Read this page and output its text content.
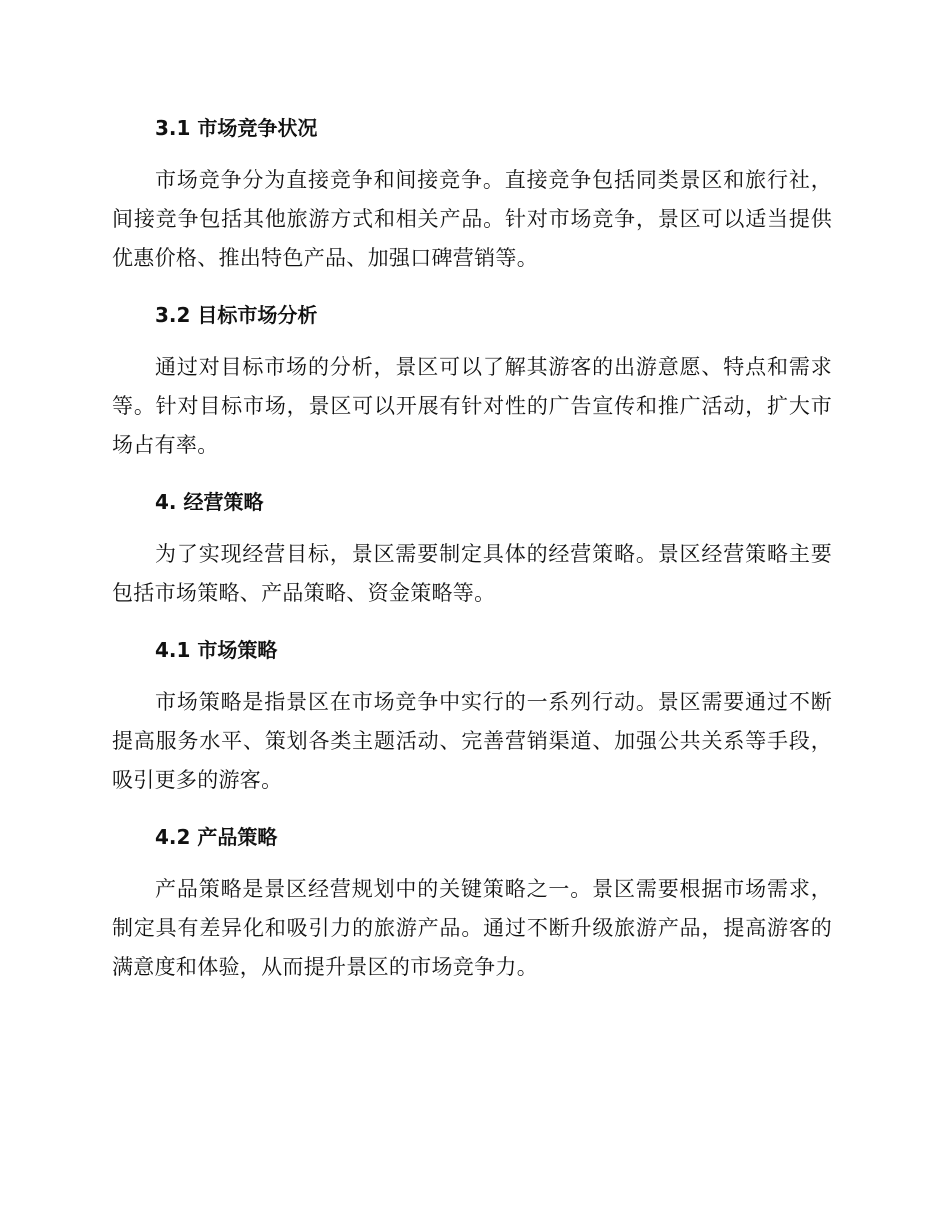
3.1 市场竞争状况

市场竞争分为直接竞争和间接竞争。直接竞争包括同类景区和旅行社，间接竞争包括其他旅游方式和相关产品。针对市场竞争，景区可以适当提供优惠价格、推出特色产品、加强口碑营销等。

3.2 目标市场分析

通过对目标市场的分析，景区可以了解其游客的出游意愿、特点和需求等。针对目标市场，景区可以开展有针对性的广告宣传和推广活动，扩大市场占有率。

4. 经营策略

为了实现经营目标，景区需要制定具体的经营策略。景区经营策略主要包括市场策略、产品策略、资金策略等。

4.1 市场策略

市场策略是指景区在市场竞争中实行的一系列行动。景区需要通过不断提高服务水平、策划各类主题活动、完善营销渠道、加强公共关系等手段，吸引更多的游客。

4.2 产品策略

产品策略是景区经营规划中的关键策略之一。景区需要根据市场需求，制定具有差异化和吸引力的旅游产品。通过不断升级旅游产品，提高游客的满意度和体验，从而提升景区的市场竞争力。
